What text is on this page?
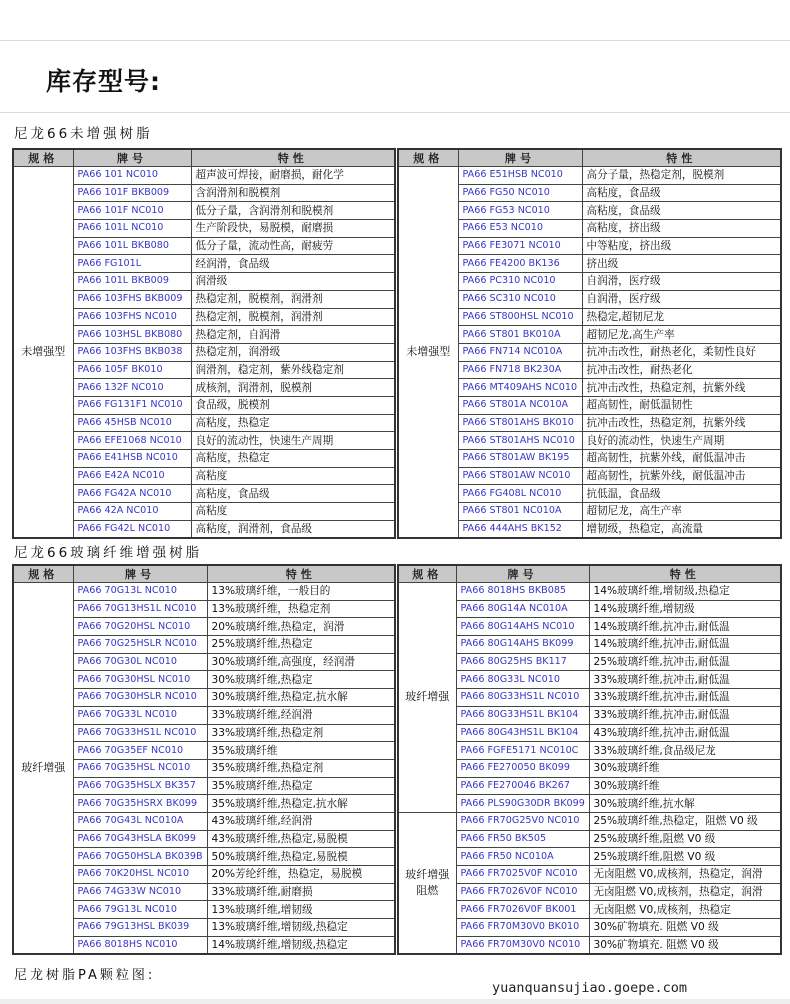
库存型号:
尼龙66未增强树脂
规格	牌号	特性
未增强型	PA66 101 NC010	超声波可焊接，耐磨损，耐化学
	PA66 101F BKB009	含润滑剂和脱模剂
	PA66 101F NC010	低分子量，含润滑剂和脱模剂
	PA66 101L NC010	生产阶段快，易脱模，耐磨损
	PA66 101L BKB080	低分子量，流动性高，耐疲劳
	PA66 FG101L	经润滑，食品级
	PA66 101L BKB009	润滑级
	PA66 103FHS BKB009	热稳定剂，脱模剂，润滑剂
	PA66 103FHS NC010	热稳定剂，脱模剂，润滑剂
	PA66 103HSL BKB080	热稳定剂，自润滑
	PA66 103FHS BKB038	热稳定剂，润滑级
	PA66 105F BK010	润滑剂，稳定剂，紫外线稳定剂
	PA66 132F NC010	成核剂，润滑剂，脱模剂
	PA66 FG131F1 NC010	食品级，脱模剂
	PA66 45HSB NC010	高粘度，热稳定
	PA66 EFE1068 NC010	良好的流动性，快速生产周期
	PA66 E41HSB NC010	高粘度，热稳定
	PA66 E42A NC010	高粘度
	PA66 FG42A NC010	高粘度，食品级
	PA66 42A NC010	高粘度
	PA66 FG42L NC010	高粘度，润滑剂，食品级
规格	牌号	特性
未增强型	PA66 E51HSB NC010	高分子量，热稳定剂，脱模剂
	PA66 FG50 NC010	高粘度，食品级
	PA66 FG53 NC010	高粘度，食品级
	PA66 E53 NC010	高粘度，挤出级
	PA66 FE3071 NC010	中等粘度，挤出级
	PA66 FE4200 BK136	挤出级
	PA66 PC310 NC010	自润滑，医疗级
	PA66 SC310 NC010	自润滑，医疗级
	PA66 ST800HSL NC010	热稳定,超韧尼龙
	PA66 ST801 BK010A	超韧尼龙,高生产率
	PA66 FN714 NC010A	抗冲击改性，耐热老化，柔韧性良好
	PA66 FN718 BK230A	抗冲击改性，耐热老化
	PA66 MT409AHS NC010	抗冲击改性，热稳定剂，抗紫外线
	PA66 ST801A NC010A	超高韧性，耐低温韧性
	PA66 ST801AHS BK010	抗冲击改性，热稳定剂，抗紫外线
	PA66 ST801AHS NC010	良好的流动性，快速生产周期
	PA66 ST801AW BK195	超高韧性，抗紫外线，耐低温冲击
	PA66 ST801AW NC010	超高韧性，抗紫外线，耐低温冲击
	PA66 FG408L NC010	抗低温，食品级
	PA66 ST801 NC010A	超韧尼龙，高生产率
	PA66 444AHS BK152	增韧级，热稳定，高流量
尼龙66玻璃纤维增强树脂
规格	牌号	特性
玻纤增强	PA66 70G13L NC010	13%玻璃纤维，一般目的
	PA66 70G13HS1L NC010	13%玻璃纤维，热稳定剂
	PA66 70G20HSL NC010	20%玻璃纤维,热稳定，润滑
	PA66 70G25HSLR NC010	25%玻璃纤维,热稳定
	PA66 70G30L NC010	30%玻璃纤维,高强度，经润滑
	PA66 70G30HSL NC010	30%玻璃纤维,热稳定
	PA66 70G30HSLR NC010	30%玻璃纤维,热稳定,抗水解
	PA66 70G33L NC010	33%玻璃纤维,经润滑
	PA66 70G33HS1L NC010	33%玻璃纤维,热稳定剂
	PA66 70G35EF NC010	35%玻璃纤维
	PA66 70G35HSL NC010	35%玻璃纤维,热稳定剂
	PA66 70G35HSLX BK357	35%玻璃纤维,热稳定
	PA66 70G35HSRX BK099	35%玻璃纤维,热稳定,抗水解
	PA66 70G43L NC010A	43%玻璃纤维,经润滑
	PA66 70G43HSLA BK099	43%玻璃纤维,热稳定,易脱模
	PA66 70G50HSLA BK039B	50%玻璃纤维,热稳定,易脱模
	PA66 70K20HSL NC010	20%芳纶纤维，热稳定，易脱模
	PA66 74G33W NC010	33%玻璃纤维,耐磨损
	PA66 79G13L NC010	13%玻璃纤维,增韧级
	PA66 79G13HSL BK039	13%玻璃纤维,增韧级,热稳定
	PA66 8018HS NC010	14%玻璃纤维,增韧级,热稳定
规格	牌号	特性
玻纤增强	PA66 8018HS BKB085	14%玻璃纤维,增韧级,热稳定
	PA66 80G14A NC010A	14%玻璃纤维,增韧级
	PA66 80G14AHS NC010	14%玻璃纤维,抗冲击,耐低温
	PA66 80G14AHS BK099	14%玻璃纤维,抗冲击,耐低温
	PA66 80G25HS BK117	25%玻璃纤维,抗冲击,耐低温
	PA66 80G33L NC010	33%玻璃纤维,抗冲击,耐低温
	PA66 80G33HS1L NC010	33%玻璃纤维,抗冲击,耐低温
	PA66 80G33HS1L BK104	33%玻璃纤维,抗冲击,耐低温
	PA66 80G43HS1L BK104	43%玻璃纤维,抗冲击,耐低温
	PA66 FGFE5171 NC010C	33%玻璃纤维,食品级尼龙
	PA66 FE270050 BK099	30%玻璃纤维
	PA66 FE270046 BK267	30%玻璃纤维
	PA66 PLS90G30DR BK099	30%玻璃纤维,抗水解

玻纤增强
阻燃	PA66 FR70G25V0 NC010	25%玻璃纤维,热稳定，阻燃 V0 级
	PA66 FR50 BK505	25%玻璃纤维,阻燃 V0 级
	PA66 FR50 NC010A	25%玻璃纤维,阻燃 V0 级
	PA66 FR7025V0F NC010	无卤阻燃 V0,成核剂，热稳定，润滑
	PA66 FR7026V0F NC010	无卤阻燃 V0,成核剂，热稳定，润滑
	PA66 FR7026V0F BK001	无卤阻燃 V0,成核剂，热稳定
	PA66 FR70M30V0 BK010	30%矿物填充. 阻燃 V0 级
	PA66 FR70M30V0 NC010	30%矿物填充. 阻燃 V0 级
尼龙树脂PA颗粒图:
yuanquansujiao.goepe.com
